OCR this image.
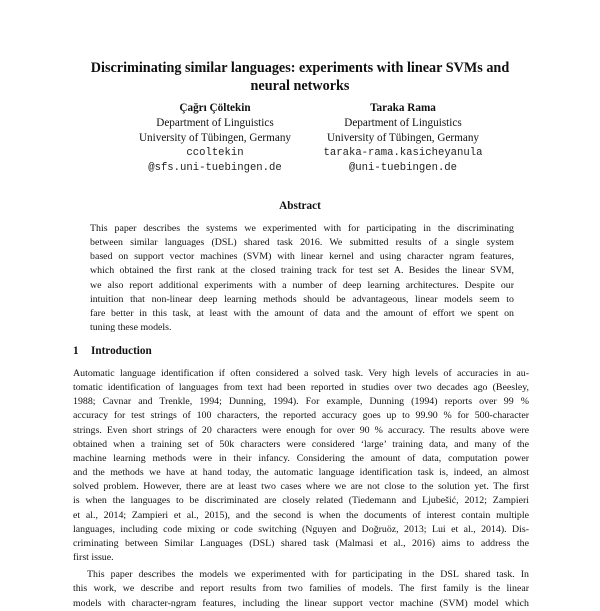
Discriminating similar languages: experiments with linear SVMs and
neural networks
Çağrı Çöltekin
Department of Linguistics
University of Tübingen, Germany
ccoltekin
@sfs.uni-tuebingen.de
Taraka Rama
Department of Linguistics
University of Tübingen, Germany
taraka-rama.kasicheyanula
@uni-tuebingen.de
Abstract
This paper describes the systems we experimented with for participating in the discriminating
between similar languages (DSL) shared task 2016. We submitted results of a single system
based on support vector machines (SVM) with linear kernel and using character ngram features,
which obtained the first rank at the closed training track for test set A. Besides the linear SVM,
we also report additional experiments with a number of deep learning architectures. Despite our
intuition that non-linear deep learning methods should be advantageous, linear models seem to
fare better in this task, at least with the amount of data and the amount of effort we spent on
tuning these models.
1 Introduction
Automatic language identification if often considered a solved task. Very high levels of accuracies in au-
tomatic identification of languages from text had been reported in studies over two decades ago (Beesley,
1988; Cavnar and Trenkle, 1994; Dunning, 1994). For example, Dunning (1994) reports over 99 %
accuracy for test strings of 100 characters, the reported accuracy goes up to 99.90 % for 500-character
strings. Even short strings of 20 characters were enough for over 90 % accuracy. The results above were
obtained when a training set of 50k characters were considered ‘large’ training data, and many of the
machine learning methods were in their infancy. Considering the amount of data, computation power
and the methods we have at hand today, the automatic language identification task is, indeed, an almost
solved problem. However, there are at least two cases where we are not close to the solution yet. The first
is when the languages to be discriminated are closely related (Tiedemann and Ljubešić, 2012; Zampieri
et al., 2014; Zampieri et al., 2015), and the second is when the documents of interest contain multiple
languages, including code mixing or code switching (Nguyen and Doğruöz, 2013; Lui et al., 2014). Dis-
criminating between Similar Languages (DSL) shared task (Malmasi et al., 2016) aims to address the
first issue.
This paper describes the models we experimented with for participating in the DSL shared task. In
this work, we describe and report results from two families of models. The first family is the linear
models with character-ngram features, including the linear support vector machine (SVM) model which
